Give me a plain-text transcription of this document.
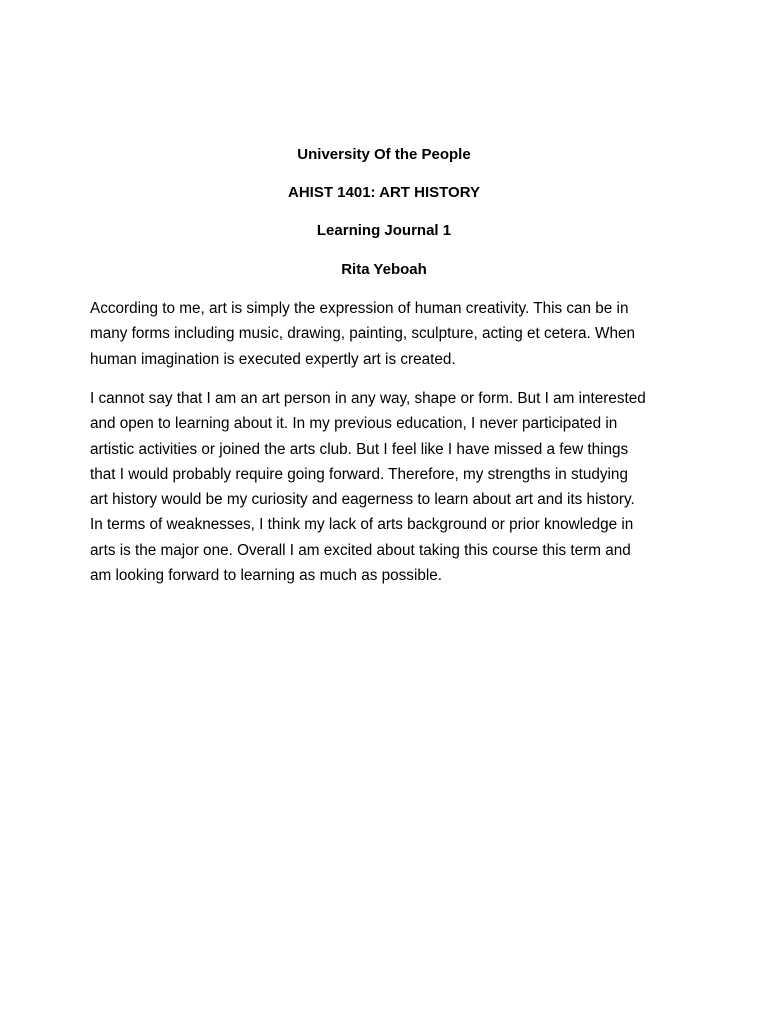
University Of the People
AHIST 1401: ART HISTORY
Learning Journal 1
Rita Yeboah

According to me, art is simply the expression of human creativity. This can be in
many forms including music, drawing, painting, sculpture, acting et cetera. When
human imagination is executed expertly art is created.

I cannot say that I am an art person in any way, shape or form. But I am interested
and open to learning about it. In my previous education, I never participated in
artistic activities or joined the arts club. But I feel like I have missed a few things
that I would probably require going forward. Therefore, my strengths in studying
art history would be my curiosity and eagerness to learn about art and its history.
In terms of weaknesses, I think my lack of arts background or prior knowledge in
arts is the major one. Overall I am excited about taking this course this term and
am looking forward to learning as much as possible.
